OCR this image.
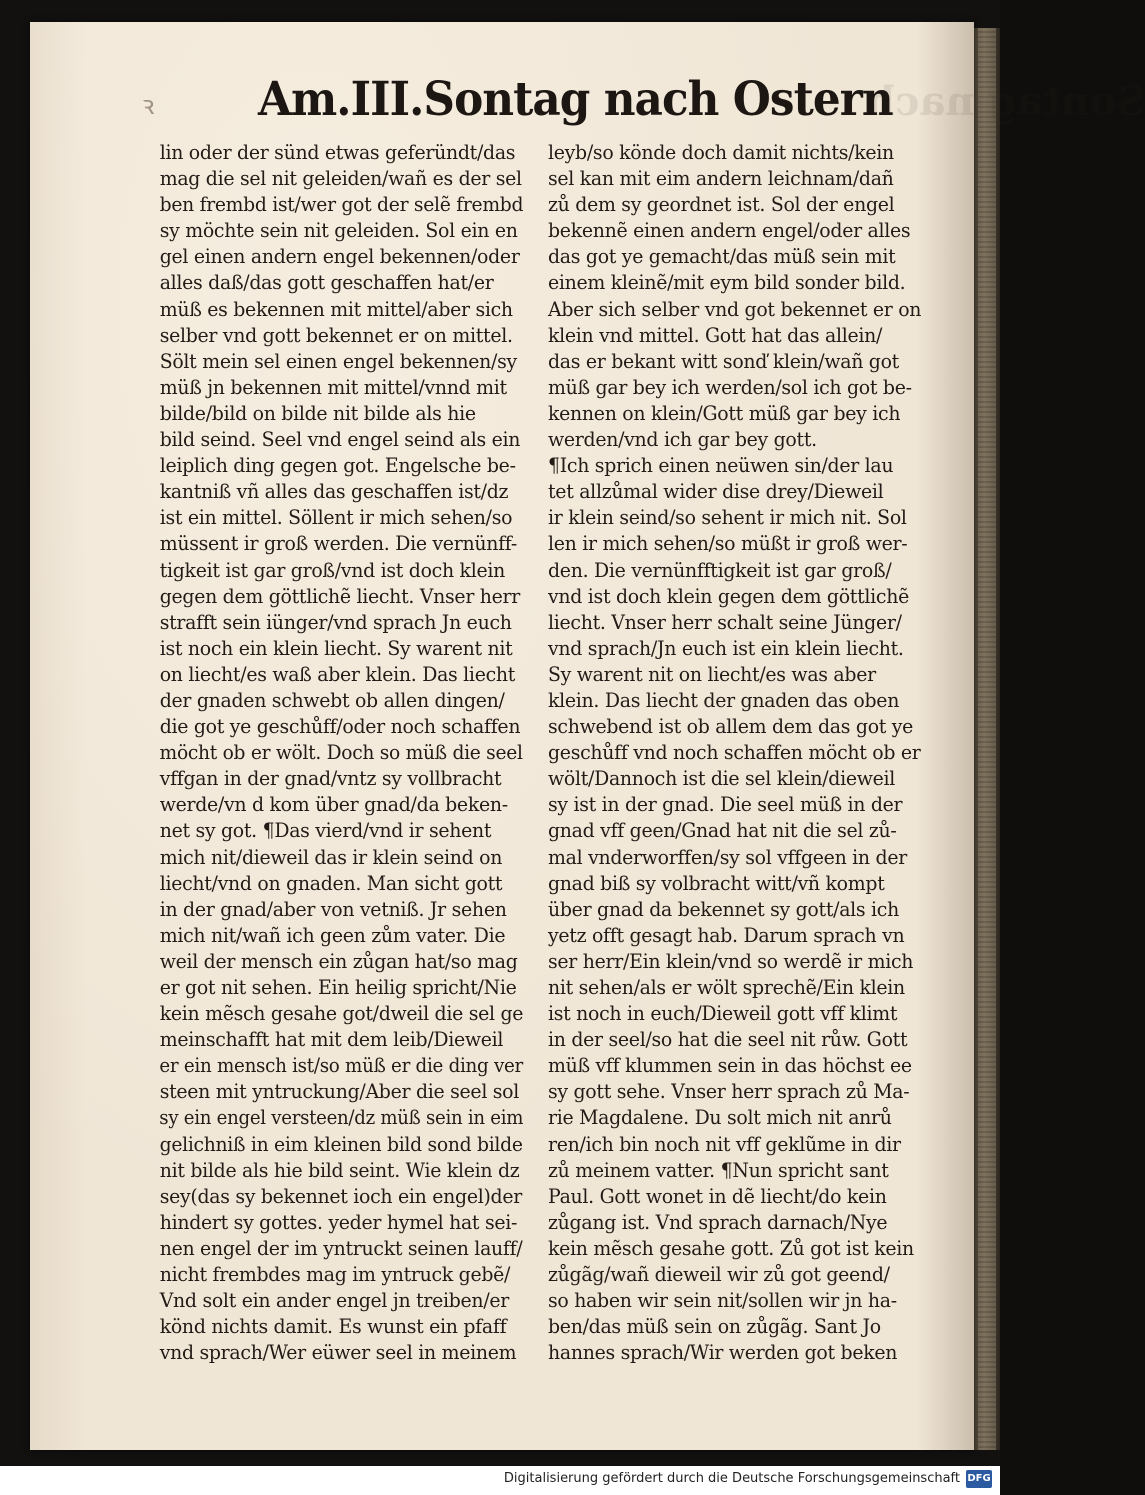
Sontag nach
ꝛ Am.III.Sontag nach Ostern
lin oder der sünd etwas geferündt/das
mag die sel nit geleiden/wañ es der sel
ben frembd ist/wer got der selẽ frembd
sy möchte sein nit geleiden. Sol ein en
gel einen andern engel bekennen/oder
alles daß/das gott geschaffen hat/er
müß es bekennen mit mittel/aber sich
selber vnd gott bekennet er on mittel.
Sölt mein sel einen engel bekennen/sy
müß jn bekennen mit mittel/vnnd mit
bilde/bild on bilde nit bilde als hie
bild seind. Seel vnd engel seind als ein
leiplich ding gegen got. Engelsche be-
kantniß vñ alles das geschaffen ist/dz
ist ein mittel. Söllent ir mich sehen/so
müssent ir groß werden. Die vernünff-
tigkeit ist gar groß/vnd ist doch klein
gegen dem göttlichẽ liecht. Vnser herr
strafft sein iünger/vnd sprach Jn euch
ist noch ein klein liecht. Sy warent nit
on liecht/es waß aber klein. Das liecht
der gnaden schwebt ob allen dingen/
die got ye geschůff/oder noch schaffen
möcht ob er wölt. Doch so müß die seel
vffgan in der gnad/vntz sy vollbracht
werde/vn d kom über gnad/da beken-
net sy got. ¶Das vierd/vnd ir sehent
mich nit/dieweil das ir klein seind on
liecht/vnd on gnaden. Man sicht gott
in der gnad/aber von vetniß. Jr sehen
mich nit/wañ ich geen zům vater. Die
weil der mensch ein zůgan hat/so mag
er got nit sehen. Ein heilig spricht/Nie
kein mẽsch gesahe got/dweil die sel ge
meinschafft hat mit dem leib/Dieweil
er ein mensch ist/so müß er die ding ver
steen mit yntruckung/Aber die seel sol
sy ein engel versteen/dz müß sein in eim
gelichniß in eim kleinen bild sond bilde
nit bilde als hie bild seint. Wie klein dz
sey(das sy bekennet ioch ein engel)der
hindert sy gottes. yeder hymel hat sei-
nen engel der im yntruckt seinen lauff/
nicht frembdes mag im yntruck gebẽ/
Vnd solt ein ander engel jn treiben/er
könd nichts damit. Es wunst ein pfaff
vnd sprach/Wer eüwer seel in meinem
leyb/so könde doch damit nichts/kein
sel kan mit eim andern leichnam/dañ
zů dem sy geordnet ist. Sol der engel
bekennẽ einen andern engel/oder alles
das got ye gemacht/das müß sein mit
einem kleinẽ/mit eym bild sonder bild.
Aber sich selber vnd got bekennet er on
klein vnd mittel. Gott hat das allein/
das er bekant witt sonď klein/wañ got
müß gar bey ich werden/sol ich got be-
kennen on klein/Gott müß gar bey ich
werden/vnd ich gar bey gott.
¶Ich sprich einen neüwen sin/der lau
tet allzůmal wider dise drey/Dieweil
ir klein seind/so sehent ir mich nit. Sol
len ir mich sehen/so müßt ir groß wer-
den. Die vernünfftigkeit ist gar groß/
vnd ist doch klein gegen dem göttlichẽ
liecht. Vnser herr schalt seine Jünger/
vnd sprach/Jn euch ist ein klein liecht.
Sy warent nit on liecht/es was aber
klein. Das liecht der gnaden das oben
schwebend ist ob allem dem das got ye
geschůff vnd noch schaffen möcht ob er
wölt/Dannoch ist die sel klein/dieweil
sy ist in der gnad. Die seel müß in der
gnad vff geen/Gnad hat nit die sel zů-
mal vnderworffen/sy sol vffgeen in der
gnad biß sy volbracht witt/vñ kompt
über gnad da bekennet sy gott/als ich
yetz offt gesagt hab. Darum sprach vn
ser herr/Ein klein/vnd so werdẽ ir mich
nit sehen/als er wölt sprechẽ/Ein klein
ist noch in euch/Dieweil gott vff klimt
in der seel/so hat die seel nit růw. Gott
müß vff klummen sein in das höchst ee
sy gott sehe. Vnser herr sprach zů Ma-
rie Magdalene. Du solt mich nit anrů
ren/ich bin noch nit vff geklũme in dir
zů meinem vatter. ¶Nun spricht sant
Paul. Gott wonet in dẽ liecht/do kein
zůgang ist. Vnd sprach darnach/Nye
kein mẽsch gesahe gott. Zů got ist kein
zůgãg/wañ dieweil wir zů got geend/
so haben wir sein nit/sollen wir jn ha-
ben/das müß sein on zůgãg. Sant Jo
hannes sprach/Wir werden got beken
Digitalisierung gefördert durch die Deutsche Forschungsgemeinschaft DFG
